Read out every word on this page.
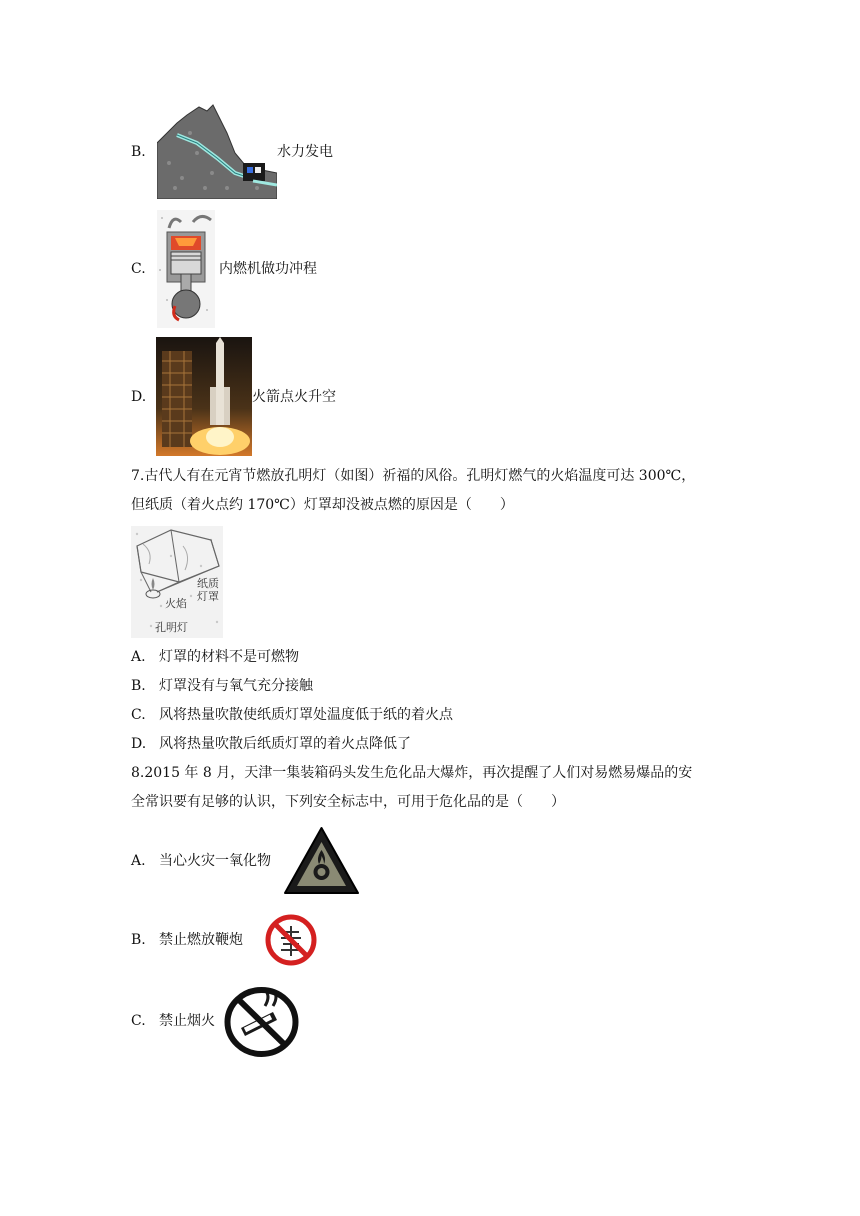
B.	水力发电
C.	内燃机做功冲程
D.	火箭点火升空
7.古代人有在元宵节燃放孔明灯（如图）祈福的风俗。孔明灯燃气的火焰温度可达 300℃，
但纸质（着火点约 170℃）灯罩却没被点燃的原因是（　　）
纸质
灯罩
火焰
孔明灯
A. 灯罩的材料不是可燃物
B. 灯罩没有与氧气充分接触
C. 风将热量吹散使纸质灯罩处温度低于纸的着火点
D. 风将热量吹散后纸质灯罩的着火点降低了
8.2015 年 8 月，天津一集装箱码头发生危化品大爆炸，再次提醒了人们对易燃易爆品的安
全常识要有足够的认识，下列安全标志中，可用于危化品的是（　　）
A. 当心火灾一氧化物
B. 禁止燃放鞭炮
C. 禁止烟火
